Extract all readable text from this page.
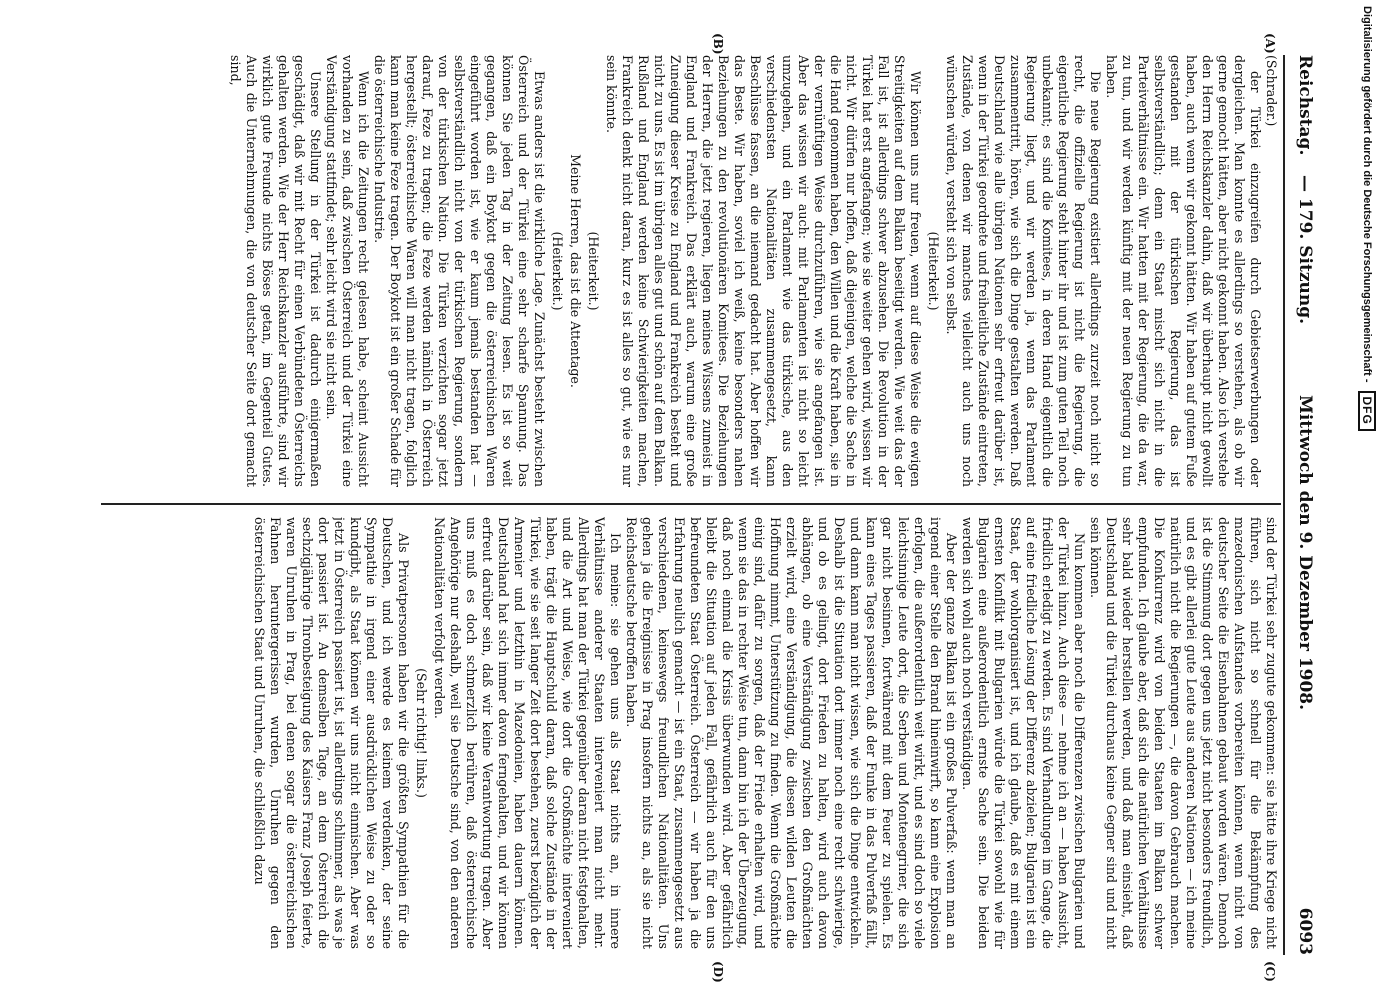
Digitalisierung gefördert durch die Deutsche Forschungsgemeinschaft -
DFG
Reichstag.
— 179. Sitzung.
Mittwoch den 9. Dezember 1908.
6093
(A)
(B)
(C)
(D)

(Schrader.)

der Türkei einzugreifen durch Gebietserwerbungen oder dergleichen. Man konnte es allerdings so verstehen, als ob wir gerne gemocht hätten, aber nicht gekonnt haben. Also ich verstehe den Herrn Reichskanzler dahin, daß wir überhaupt nicht gewollt haben, auch wenn wir gekonnt hätten. Wir haben auf gutem Fuße gestanden mit der türkischen Regierung, das ist selbstverständlich; denn ein Staat mischt sich nicht in die Parteiverhältnisse ein. Wir hatten mit der Regierung, die da war, zu tun, und wir werden künftig mit der neuen Regierung zu tun haben.

Die neue Regierung existiert allerdings zurzeit noch nicht so recht, die offizielle Regierung ist nicht die Regierung, die eigentliche Regierung steht hinter ihr und ist zum guten Teil noch unbekannt; es sind die Komitees, in deren Hand eigentlich die Regierung liegt, und wir werden ja, wenn das Parlament zusammentritt, hören, wie sich die Dinge gestalten werden. Daß Deutschland wie alle übrigen Nationen sehr erfreut darüber ist, wenn in der Türkei geordnete und freiheitliche Zustände eintreten, Zustände, von denen wir manches vielleicht auch uns noch wünschen würden, versteht sich von selbst.

(Heiterkeit.)

Wir können uns nur freuen, wenn auf diese Weise die ewigen Streitigkeiten auf dem Balkan beseitigt werden. Wie weit das der Fall ist, ist allerdings schwer abzusehen. Die Revolution in der Türkei hat erst angefangen; wie sie weiter gehen wird, wissen wir nicht. Wir dürfen nur hoffen, daß diejenigen, welche die Sache in die Hand genommen haben, den Willen und die Kraft haben, sie in der vernünftigen Weise durchzuführen, wie sie angefangen ist. Aber das wissen wir auch: mit Parlamenten ist nicht so leicht umzugehen, und ein Parlament wie das türkische, aus den verschiedensten Nationalitäten zusammengesetzt, kann Beschlüsse fassen, an die niemand gedacht hat. Aber hoffen wir das Beste. Wir haben, soviel ich weiß, keine besonders nahen Beziehungen zu den revolutionären Komitees. Die Beziehungen der Herren, die jetzt regieren, liegen meines Wissens zumeist in England und Frankreich. Das erklärt auch, warum eine große Zuneigung dieser Kreise zu England und Frankreich besteht und nicht zu uns. Es ist im übrigen alles gut und schön auf dem Balkan. Rußland und England werden keine Schwierigkeiten machen, Frankreich denkt nicht daran, kurz es ist alles so gut, wie es nur sein könnte.

(Heiterkeit.)

Meine Herren, das ist die Attentage.

(Heiterkeit.)

Etwas anders ist die wirkliche Lage. Zunächst besteht zwischen Österreich und der Türkei eine sehr scharfe Spannung. Das können Sie jeden Tag in der Zeitung lesen. Es ist so weit gegangen, daß ein Boykott gegen die österreichischen Waren eingeführt worden ist, wie er kaum jemals bestanden hat — selbstverständlich nicht von der türkischen Regierung, sondern von der türkischen Nation. Die Türken verzichten sogar jetzt darauf, Feze zu tragen; die Feze werden nämlich in Österreich hergestellt; österreichische Waren will man nicht tragen, folglich kann man keine Feze tragen. Der Boykott ist ein großer Schade für die österreichische Industrie.

Wenn ich die Zeitungen recht gelesen habe, scheint Aussicht vorhanden zu sein, daß zwischen Österreich und der Türkei eine Verständigung stattfindet; sehr leicht wird sie nicht sein.

Unsere Stellung in der Türkei ist dadurch einigermaßen geschädigt, daß wir mit Recht für einen Verbündeten Österreichs gehalten werden. Wie der Herr Reichskanzler ausführte, sind wir wirklich gute Freunde nichts Böses getan, im Gegenteil Gutes. Auch die Unternehmungen, die von deutscher Seite dort gemacht sind,

sind der Türkei sehr zugute gekommen: sie hätte ihre Kriege nicht führen, sich nicht so schnell für die Bekämpfung des mazedonischen Aufstandes vorbereiten können, wenn nicht von deutscher Seite die Eisenbahnen gebaut worden wären. Dennoch ist die Stimmung dort gegen uns jetzt nicht besonders freundlich, und es gibt allerlei gute Leute aus anderen Nationen — ich meine natürlich nicht die Regierungen —, die davon Gebrauch machen. Die Konkurrenz wird von beiden Staaten im Balkan schwer empfunden. Ich glaube aber, daß sich die natürlichen Verhältnisse sehr bald wieder herstellen werden, und daß man einsieht, daß Deutschland und die Türkei durchaus keine Gegner sind und nicht sein können.

Nun kommen aber noch die Differenzen zwischen Bulgarien und der Türkei hinzu. Auch diese — nehme ich an — haben Aussicht, friedlich erledigt zu werden. Es sind Verhandlungen im Gange, die auf eine friedliche Lösung der Differenz abzielen; Bulgarien ist ein Staat, der wohlorganisiert ist, und ich glaube, daß es mit einem ernsten Konflikt mit Bulgarien würde die Türkei sowohl wie für Bulgarien eine außerordentlich ernste Sache sein. Die beiden werden sich wohl auch noch verständigen.

Aber der ganze Balkan ist ein großes Pulverfaß: wenn man an irgend einer Stelle den Brand hineinwirft, so kann eine Explosion erfolgen, die außerordentlich weit wirkt, und es sind doch so viele leichtsinnige Leute dort, die Serben und Montenegriner, die sich gar nicht besinnen, fortwährend mit dem Feuer zu spielen. Es kann eines Tages passieren, daß der Funke in das Pulverfaß fällt, und dann kann man nicht wissen, wie sich die Dinge entwickeln. Deshalb ist die Situation dort immer noch eine recht schwierige, und ob es gelingt, dort Frieden zu halten, wird auch davon abhängen, ob eine Verständigung zwischen den Großmächten erzielt wird, eine Verständigung, die diesen wilden Leuten die Hoffnung nimmt, Unterstützung zu finden. Wenn die Großmächte einig sind, dafür zu sorgen, daß der Friede erhalten wird, und wenn sie das in rechter Weise tun, dann bin ich der Überzeugung, daß noch einmal die Krisis überwunden wird. Aber gefährlich bleibt die Situation auf jeden Fall, gefährlich auch für den uns befreundeten Staat Österreich. Österreich — wir haben ja die Erfahrung neulich gemacht — ist ein Staat, zusammengesetzt aus verschiedenen, keineswegs freundlichen Nationalitäten. Uns gehen ja die Ereignisse in Prag insofern nichts an, als sie nicht Reichsdeutsche betroffen haben.

Ich meine: sie gehen uns als Staat nichts an, in innere Verhältnisse anderer Staaten interveniert man nicht mehr. Allerdings hat man der Türkei gegenüber daran nicht festgehalten, und die Art und Weise, wie dort die Großmächte interveniert haben, trägt die Hauptschuld daran, daß solche Zustände in der Türkei, wie sie seit langer Zeit dort bestehen, zuerst bezüglich der Armenier und letzthin in Mazedonien, haben dauern können. Deutschland hat sich immer davon ferngehalten, und wir können erfreut darüber sein, daß wir keine Verantwortung tragen. Aber uns muß es doch schmerzlich berühren, daß österreichische Angehörige nur deshalb, weil sie Deutsche sind, von den anderen Nationalitäten verfolgt werden.

(Sehr richtig! links.)

Als Privatpersonen haben wir die größten Sympathien für die Deutschen, und ich werde es keinem verdenken, der seine Sympathie in irgend einer ausdrücklichen Weise zu oder so kundgibt, als Staat können wir uns nicht einmischen. Aber was jetzt in Österreich passiert ist, ist allerdings schlimmer, als was je dort passiert ist. An demselben Tage, an dem Österreich die sechzigjährige Thronbesteigung des Kaisers Franz Joseph feierte, waren Unruhen in Prag, bei denen sogar die österreichischen Fahnen heruntergerissen wurden, Unruhen gegen den österreichischen Staat und Unruhen, die schließlich dazu
